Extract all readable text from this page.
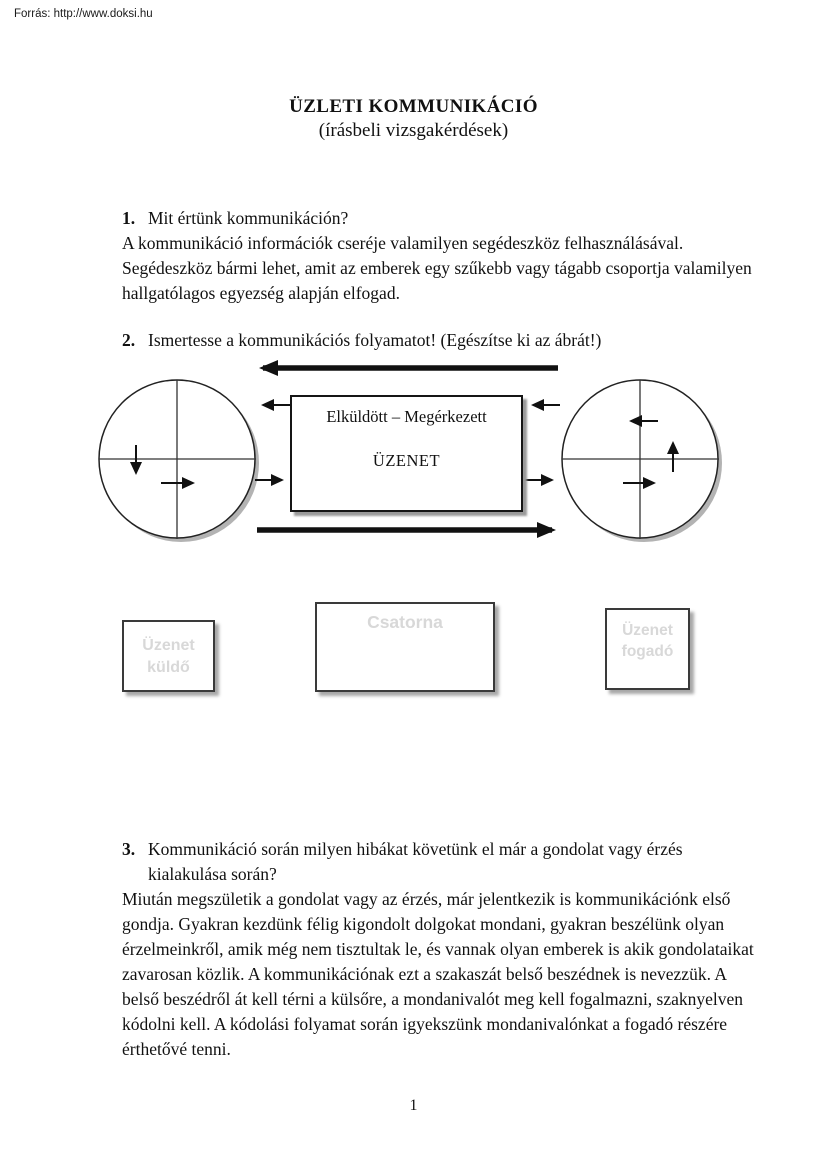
Forrás: http://www.doksi.hu
ÜZLETI KOMMUNIKÁCIÓ
(írásbeli vizsgakérdések)
1. Mit értünk kommunikáción?

A kommunikáció információk cseréje valamilyen segédeszköz felhasználásával. Segédeszköz bármi lehet, amit az emberek egy szűkebb vagy tágabb csoportja valamilyen hallgatólagos egyezség alapján elfogad.

2. Ismertesse a kommunikációs folyamatot! (Egészítse ki az ábrát!)
Elküldött – Megérkezett
ÜZENET
Üzenet küldő
Csatorna	Üzenet fogadó
3. Kommunikáció során milyen hibákat követünk el már a gondolat vagy érzés kialakulása során?

Miután megszületik a gondolat vagy az érzés, már jelentkezik is kommunikációnk első gondja. Gyakran kezdünk félig kigondolt dolgokat mondani, gyakran beszélünk olyan érzelmeinkről, amik még nem tisztultak le, és vannak olyan emberek is akik gondolataikat zavarosan közlik. A kommunikációnak ezt a szakaszát belső beszédnek is nevezzük. A belső beszédről át kell térni a külsőre, a mondanivalót meg kell fogalmazni, szaknyelven kódolni kell. A kódolási folyamat során igyekszünk mondanivalónkat a fogadó részére érthetővé tenni.

1
